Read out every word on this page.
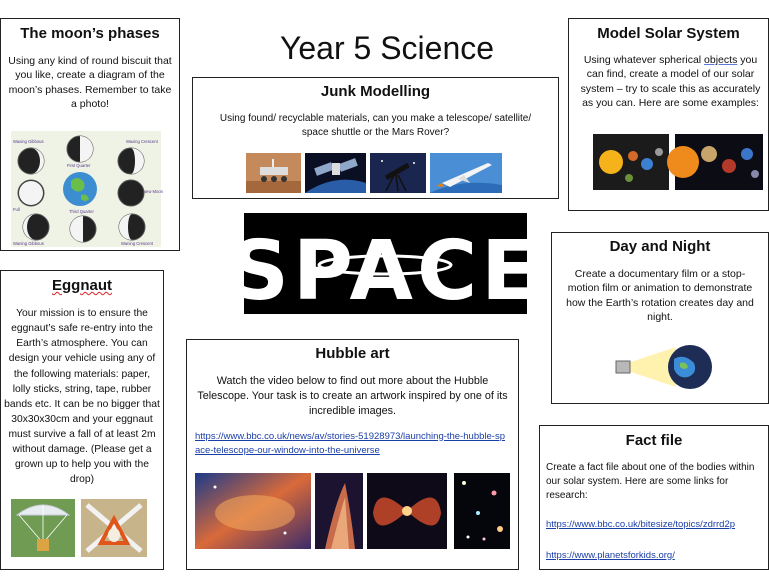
Year 5 Science
The moon’s phases

Using any kind of round biscuit that you like, create a diagram of the moon’s phases. Remember to take a photo!

Waxing Gibbous
First Quarter
Waxing Crescent
New Moon
Full	Third Quarter
Waning Gibbous	Waning Crescent
Junk Modelling

Using found/ recyclable materials, can you make a telescope/ satellite/ space shuttle or the Mars Rover?

Model Solar System

Using whatever spherical objects you can find, create a model of our solar system – try to scale this as accurately as you can. Here are some examples:

SPACE	Day and Night

Create a documentary film or a stop-motion film or animation to demonstrate how the Earth’s rotation creates day and night.

Eggnaut
Your mission is to ensure the
eggnaut’s safe re-entry into the
Earth’s atmosphere. You can
design your vehicle using any of
the following materials: paper,
lolly sticks, string, tape, rubber
bands etc. It can be no bigger that
30x30x30cm and your eggnaut
must survive a fall of at least 2m
without damage. (Please get a
grown up to help you with the
drop)
Hubble art

Watch the video below to find out more about the Hubble Telescope. Your task is to create an artwork inspired by one of its incredible images.

https://www.bbc.co.uk/news/av/stories-51928973/launching-the-hubble-space-telescope-our-window-into-the-universe
Fact file

Create a fact file about one of the bodies within our solar system. Here are some links for research:

https://www.bbc.co.uk/bitesize/topics/zdrrd2p
https://www.planetsforkids.org/
